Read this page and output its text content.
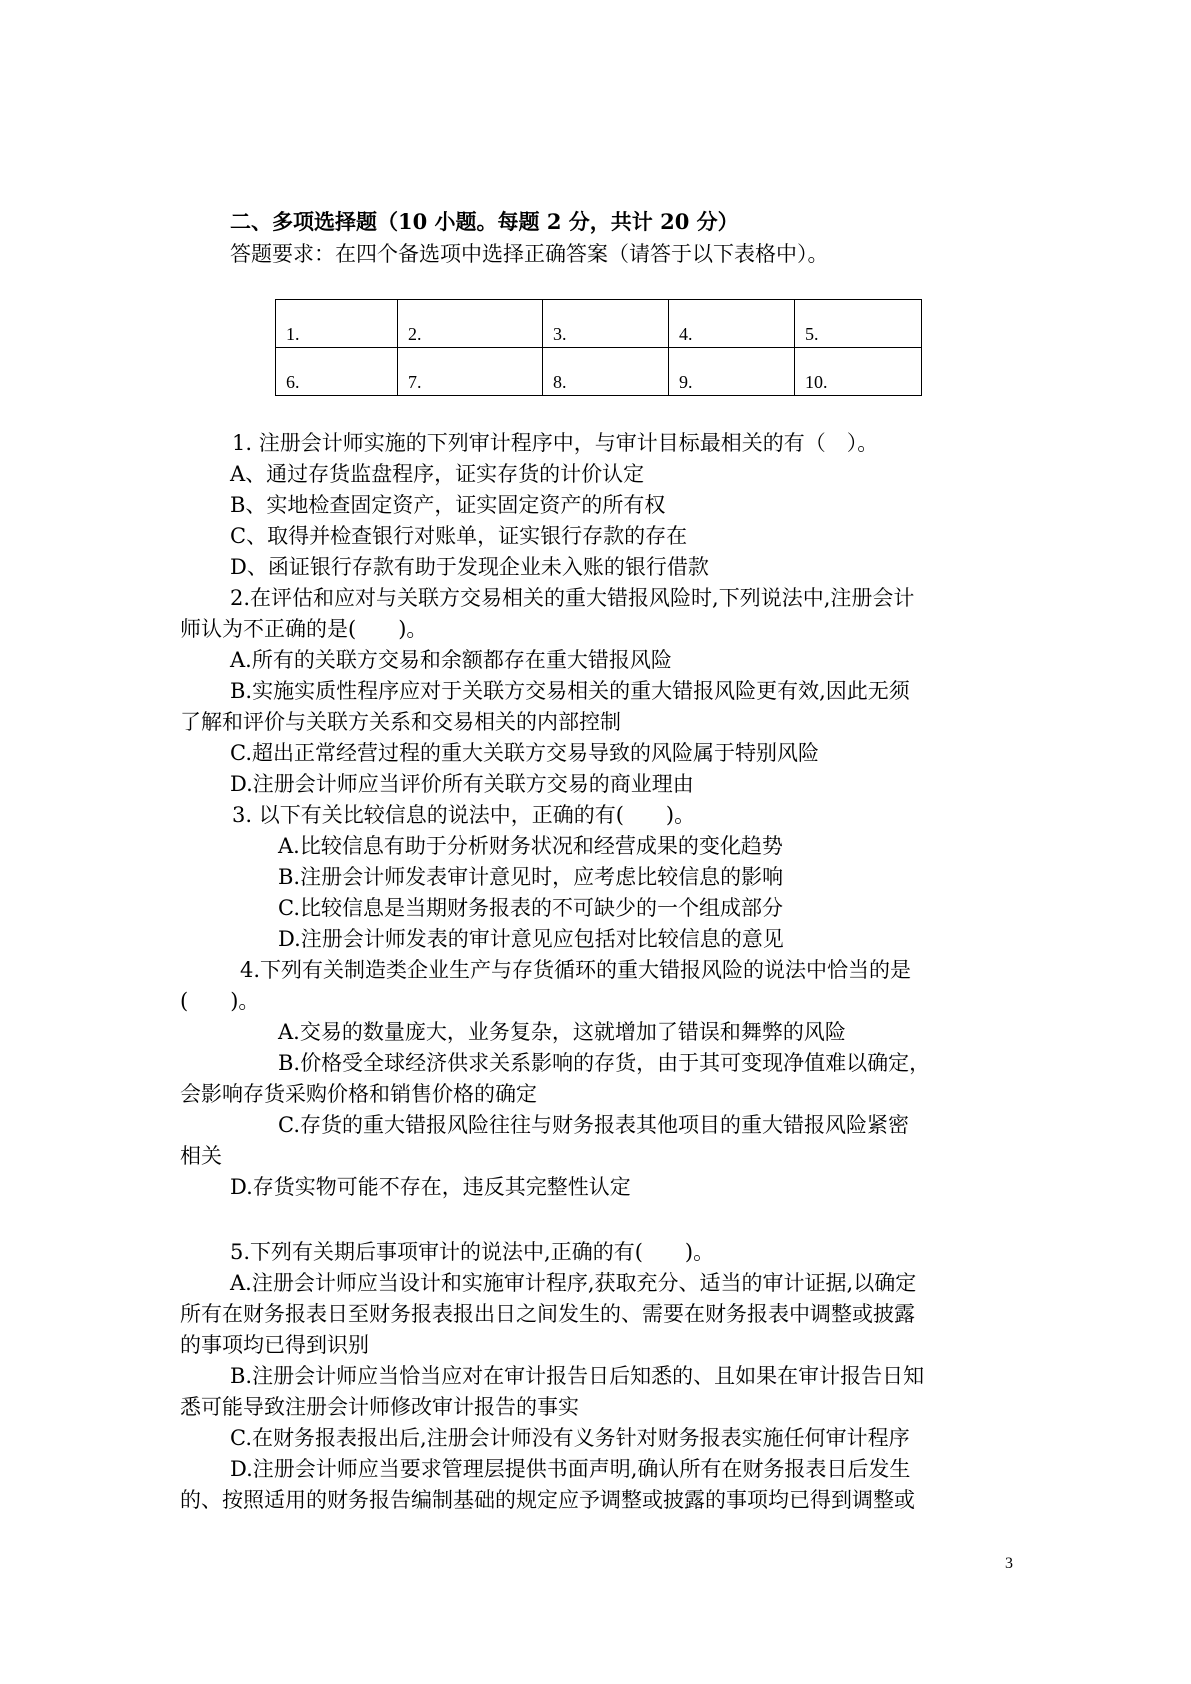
二、多项选择题（10 小题。每题 2 分，共计 20 分）
答题要求：在四个备选项中选择正确答案（请答于以下表格中）。
1.	2.	3.	4.	5.
6.	7.	8.	9.	10.
1. 注册会计师实施的下列审计程序中，与审计目标最相关的有（　）。
A、通过存货监盘程序，证实存货的计价认定
B、实地检查固定资产，证实固定资产的所有权
C、取得并检查银行对账单，证实银行存款的存在
D、函证银行存款有助于发现企业未入账的银行借款
2.在评估和应对与关联方交易相关的重大错报风险时,下列说法中,注册会计
师认为不正确的是(　　)。
A.所有的关联方交易和余额都存在重大错报风险
B.实施实质性程序应对于关联方交易相关的重大错报风险更有效,因此无须
了解和评价与关联方关系和交易相关的内部控制
C.超出正常经营过程的重大关联方交易导致的风险属于特别风险
D.注册会计师应当评价所有关联方交易的商业理由
3. 以下有关比较信息的说法中，正确的有(　　)。
A.比较信息有助于分析财务状况和经营成果的变化趋势
B.注册会计师发表审计意见时，应考虑比较信息的影响
C.比较信息是当期财务报表的不可缺少的一个组成部分
D.注册会计师发表的审计意见应包括对比较信息的意见
4.下列有关制造类企业生产与存货循环的重大错报风险的说法中恰当的是
(　　)。
A.交易的数量庞大，业务复杂，这就增加了错误和舞弊的风险
B.价格受全球经济供求关系影响的存货，由于其可变现净值难以确定，
会影响存货采购价格和销售价格的确定
C.存货的重大错报风险往往与财务报表其他项目的重大错报风险紧密
相关
D.存货实物可能不存在，违反其完整性认定
5.下列有关期后事项审计的说法中,正确的有(　　)。
A.注册会计师应当设计和实施审计程序,获取充分、适当的审计证据,以确定
所有在财务报表日至财务报表报出日之间发生的、需要在财务报表中调整或披露
的事项均已得到识别
B.注册会计师应当恰当应对在审计报告日后知悉的、且如果在审计报告日知
悉可能导致注册会计师修改审计报告的事实
C.在财务报表报出后,注册会计师没有义务针对财务报表实施任何审计程序
D.注册会计师应当要求管理层提供书面声明,确认所有在财务报表日后发生
的、按照适用的财务报告编制基础的规定应予调整或披露的事项均已得到调整或
3
